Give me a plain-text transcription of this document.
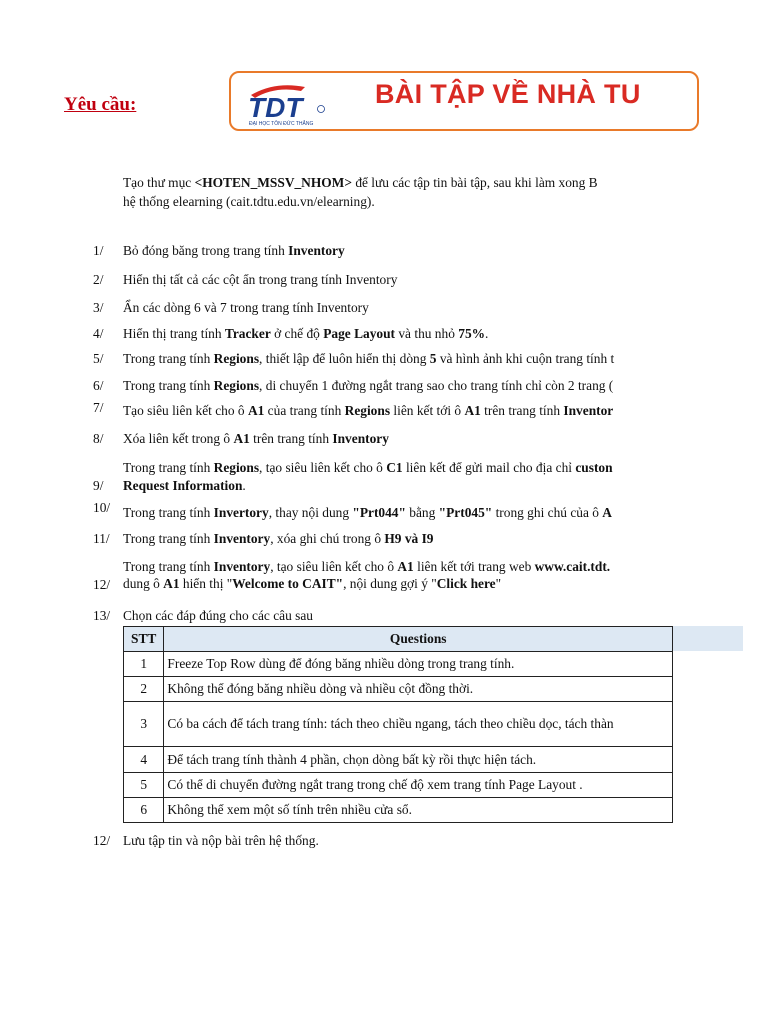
Yêu cầu:	TDT
ĐẠI HỌC TÔN ĐỨC THẮNG
BÀI TẬP VỀ NHÀ TU
Tạo thư mục <HOTEN_MSSV_NHOM> để lưu các tập tin bài tập, sau khi làm xong B
hệ thống elearning (cait.tdtu.edu.vn/elearning).
1/ Bỏ đóng băng trong trang tính Inventory
2/ Hiển thị tất cả các cột ẩn trong trang tính Inventory
3/ Ẩn các dòng 6 và 7 trong trang tính Inventory
4/ Hiển thị trang tính Tracker ở chế độ Page Layout và thu nhỏ 75%.
5/ Trong trang tính Regions, thiết lập để luôn hiển thị dòng 5 và hình ảnh khi cuộn trang tính t
6/ Trong trang tính Regions, di chuyển 1 đường ngắt trang sao cho trang tính chỉ còn 2 trang (
7/ Tạo siêu liên kết cho ô A1 của trang tính Regions liên kết tới ô A1 trên trang tính Inventor
8/ Xóa liên kết trong ô A1 trên trang tính Inventory
Trong trang tính Regions, tạo siêu liên kết cho ô C1 liên kết để gửi mail cho địa chỉ custon
9/ Request Information.
10/ Trong trang tính Invertory, thay nội dung "Prt044" bằng "Prt045" trong ghi chú của ô A
11/ Trong trang tính Inventory, xóa ghi chú trong ô H9 và I9
Trong trang tính Inventory, tạo siêu liên kết cho ô A1 liên kết tới trang web www.cait.tdt.
12/ dung ô A1 hiển thị "Welcome to CAIT", nội dung gợi ý "Click here"
13/ Chọn các đáp đúng cho các câu sau
STT	Questions
1	Freeze Top Row dùng để đóng băng nhiều dòng trong trang tính.
2	Không thể đóng băng nhiều dòng và nhiều cột đồng thời.
3	Có ba cách để tách trang tính: tách theo chiều ngang, tách theo chiều dọc, tách thàn
4	Để tách trang tính thành 4 phần, chọn dòng bất kỳ rồi thực hiện tách.
5	Có thể di chuyển đường ngắt trang trong chế độ xem trang tính Page Layout .
6	Không thể xem một số tính trên nhiều cửa sổ.
12/ Lưu tập tin và nộp bài trên hệ thống.
